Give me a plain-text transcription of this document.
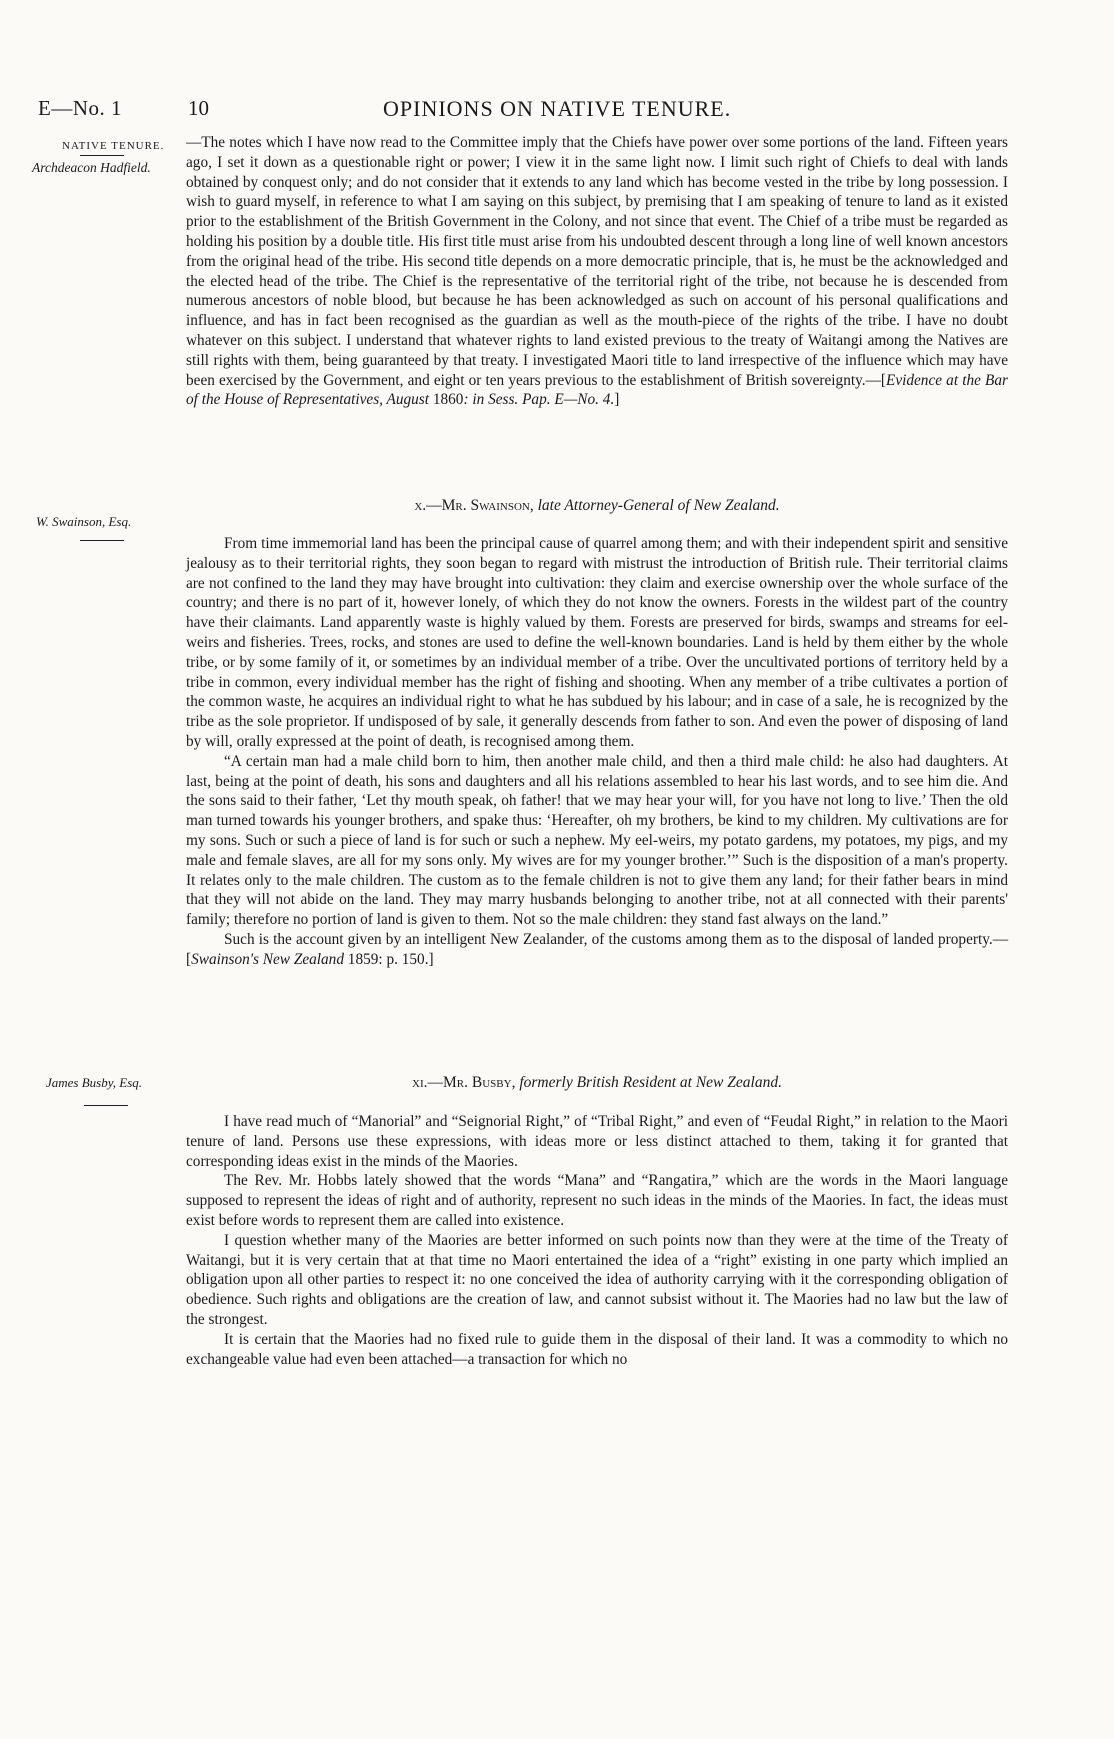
E—No. 1	10	OPINIONS ON NATIVE TENURE.
NATIVE TENURE.
Archdeacon Hadfield.
W. Swainson, Esq.
James Busby, Esq.

—The notes which I have now read to the Committee imply that the Chiefs have power over some portions of the land. Fifteen years ago, I set it down as a questionable right or power; I view it in the same light now. I limit such right of Chiefs to deal with lands obtained by conquest only; and do not consider that it extends to any land which has become vested in the tribe by long possession. I wish to guard myself, in reference to what I am saying on this subject, by premising that I am speaking of tenure to land as it existed prior to the establishment of the British Government in the Colony, and not since that event. The Chief of a tribe must be regarded as holding his position by a double title. His first title must arise from his undoubted descent through a long line of well known ancestors from the original head of the tribe. His second title depends on a more democratic principle, that is, he must be the acknowledged and the elected head of the tribe. The Chief is the representative of the territorial right of the tribe, not because he is descended from numerous ancestors of noble blood, but because he has been acknowledged as such on account of his personal qualifications and influence, and has in fact been recognised as the guardian as well as the mouth-piece of the rights of the tribe. I have no doubt whatever on this subject. I understand that whatever rights to land existed previous to the treaty of Waitangi among the Natives are still rights with them, being guaranteed by that treaty. I investigated Maori title to land irrespective of the influence which may have been exercised by the Government, and eight or ten years previous to the establishment of British sovereignty.—[Evidence at the Bar of the House of Representatives, August 1860: in Sess. Pap. E—No. 4.]

x.—Mr. Swainson, late Attorney-General of New Zealand.

From time immemorial land has been the principal cause of quarrel among them; and with their independent spirit and sensitive jealousy as to their territorial rights, they soon began to regard with mistrust the introduction of British rule. Their territorial claims are not confined to the land they may have brought into cultivation: they claim and exercise ownership over the whole surface of the country; and there is no part of it, however lonely, of which they do not know the owners. Forests in the wildest part of the country have their claimants. Land apparently waste is highly valued by them. Forests are preserved for birds, swamps and streams for eel-weirs and fisheries. Trees, rocks, and stones are used to define the well-known boundaries. Land is held by them either by the whole tribe, or by some family of it, or sometimes by an individual member of a tribe. Over the uncultivated portions of territory held by a tribe in common, every individual member has the right of fishing and shooting. When any member of a tribe cultivates a portion of the common waste, he acquires an individual right to what he has subdued by his labour; and in case of a sale, he is recognized by the tribe as the sole proprietor. If undisposed of by sale, it generally descends from father to son. And even the power of disposing of land by will, orally expressed at the point of death, is recognised among them.

“A certain man had a male child born to him, then another male child, and then a third male child: he also had daughters. At last, being at the point of death, his sons and daughters and all his relations assembled to hear his last words, and to see him die. And the sons said to their father, ‘Let thy mouth speak, oh father! that we may hear your will, for you have not long to live.’ Then the old man turned towards his younger brothers, and spake thus: ‘Hereafter, oh my brothers, be kind to my children. My cultivations are for my sons. Such or such a piece of land is for such or such a nephew. My eel-weirs, my potato gardens, my potatoes, my pigs, and my male and female slaves, are all for my sons only. My wives are for my younger brother.’” Such is the disposition of a man's property. It relates only to the male children. The custom as to the female children is not to give them any land; for their father bears in mind that they will not abide on the land. They may marry husbands belonging to another tribe, not at all connected with their parents' family; therefore no portion of land is given to them. Not so the male children: they stand fast always on the land.”

Such is the account given by an intelligent New Zealander, of the customs among them as to the disposal of landed property.—[Swainson's New Zealand 1859: p. 150.]

xi.—Mr. Busby, formerly British Resident at New Zealand.

I have read much of “Manorial” and “Seignorial Right,” of “Tribal Right,” and even of “Feudal Right,” in relation to the Maori tenure of land. Persons use these expressions, with ideas more or less distinct attached to them, taking it for granted that corresponding ideas exist in the minds of the Maories.

The Rev. Mr. Hobbs lately showed that the words “Mana” and “Rangatira,” which are the words in the Maori language supposed to represent the ideas of right and of authority, represent no such ideas in the minds of the Maories. In fact, the ideas must exist before words to represent them are called into existence.

I question whether many of the Maories are better informed on such points now than they were at the time of the Treaty of Waitangi, but it is very certain that at that time no Maori entertained the idea of a “right” existing in one party which implied an obligation upon all other parties to respect it: no one conceived the idea of authority carrying with it the corresponding obligation of obedience. Such rights and obligations are the creation of law, and cannot subsist without it. The Maories had no law but the law of the strongest.

It is certain that the Maories had no fixed rule to guide them in the disposal of their land. It was a commodity to which no exchangeable value had even been attached—a transaction for which no
